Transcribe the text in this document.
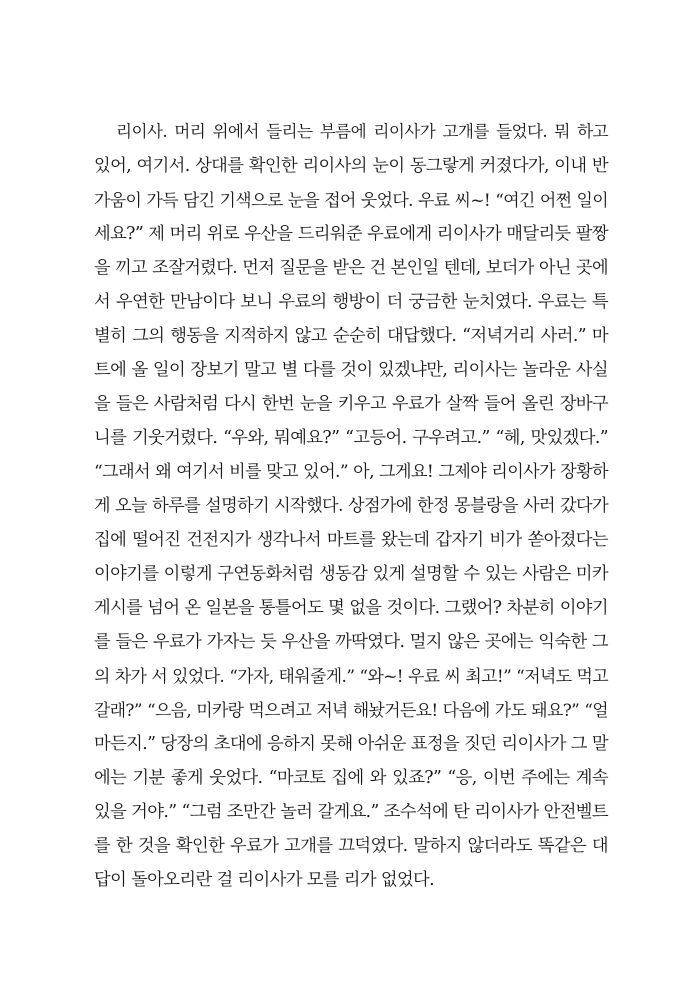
리이사. 머리 위에서 들리는 부름에 리이사가 고개를 들었다. 뭐 하고
있어, 여기서. 상대를 확인한 리이사의 눈이 동그랗게 커졌다가, 이내 반
가움이 가득 담긴 기색으로 눈을 접어 웃었다. 우료 씨~! “여긴 어쩐 일이
세요?” 제 머리 위로 우산을 드리워준 우료에게 리이사가 매달리듯 팔짱
을 끼고 조잘거렸다. 먼저 질문을 받은 건 본인일 텐데, 보더가 아닌 곳에
서 우연한 만남이다 보니 우료의 행방이 더 궁금한 눈치였다. 우료는 특
별히 그의 행동을 지적하지 않고 순순히 대답했다. “저녁거리 사러.” 마
트에 올 일이 장보기 말고 별 다를 것이 있겠냐만, 리이사는 놀라운 사실
을 들은 사람처럼 다시 한번 눈을 키우고 우료가 살짝 들어 올린 장바구
니를 기웃거렸다. “우와, 뭐예요?” “고등어. 구우려고.” “헤, 맛있겠다.”
“그래서 왜 여기서 비를 맞고 있어.” 아, 그게요! 그제야 리이사가 장황하
게 오늘 하루를 설명하기 시작했다. 상점가에 한정 몽블랑을 사러 갔다가
집에 떨어진 건전지가 생각나서 마트를 왔는데 갑자기 비가 쏟아졌다는
이야기를 이렇게 구연동화처럼 생동감 있게 설명할 수 있는 사람은 미카
게시를 넘어 온 일본을 통틀어도 몇 없을 것이다. 그랬어? 차분히 이야기
를 들은 우료가 가자는 듯 우산을 까딱였다. 멀지 않은 곳에는 익숙한 그
의 차가 서 있었다. “가자, 태워줄게.” “와~! 우료 씨 최고!” “저녁도 먹고
갈래?” “으음, 미카랑 먹으려고 저녁 해놨거든요! 다음에 가도 돼요?” “얼
마든지.” 당장의 초대에 응하지 못해 아쉬운 표정을 짓던 리이사가 그 말
에는 기분 좋게 웃었다. “마코토 집에 와 있죠?” “응, 이번 주에는 계속
있을 거야.” “그럼 조만간 놀러 갈게요.” 조수석에 탄 리이사가 안전벨트
를 한 것을 확인한 우료가 고개를 끄덕였다. 말하지 않더라도 똑같은 대
답이 돌아오리란 걸 리이사가 모를 리가 없었다.
